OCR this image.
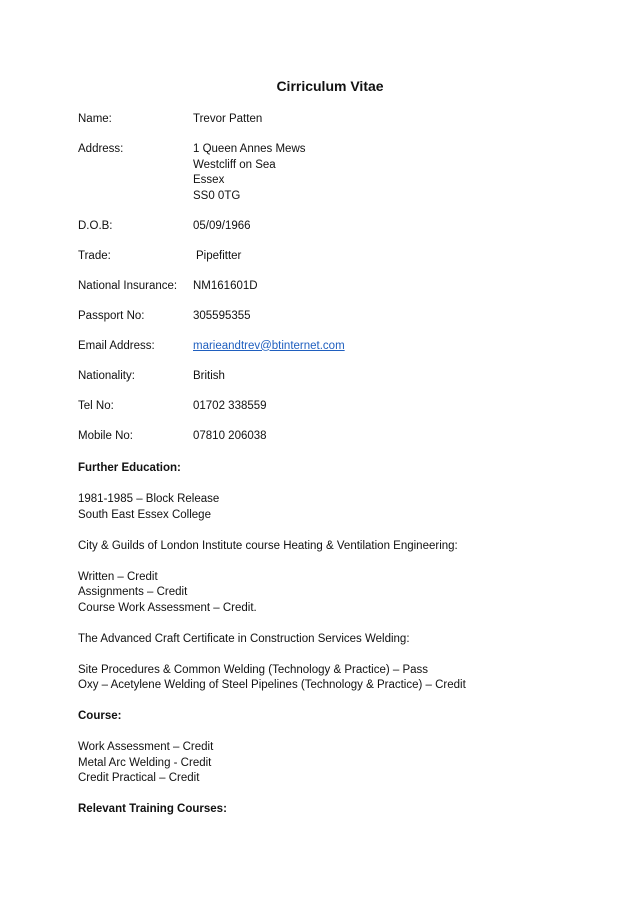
Cirriculum Vitae
Name:	Trevor Patten
Address:	1 Queen Annes Mews

Westcliff on Sea

Essex

SS0 0TG

D.O.B:	05/09/1966
Trade:	Pipefitter
National Insurance:	NM161601D
Passport No:	305595355
Email Address:	marieandtrev@btinternet.com
Nationality:	British
Tel No:	01702 338559
Mobile No:	07810 206038

Further Education:

1981-1985 – Block Release

South East Essex College

City & Guilds of London Institute course Heating & Ventilation Engineering:

Written – Credit

Assignments – Credit

Course Work Assessment – Credit.

The Advanced Craft Certificate in Construction Services Welding:

Site Procedures & Common Welding (Technology & Practice) – Pass

Oxy – Acetylene Welding of Steel Pipelines (Technology & Practice) – Credit

Course:

Work Assessment – Credit

Metal Arc Welding - Credit

Credit Practical – Credit

Relevant Training Courses:
